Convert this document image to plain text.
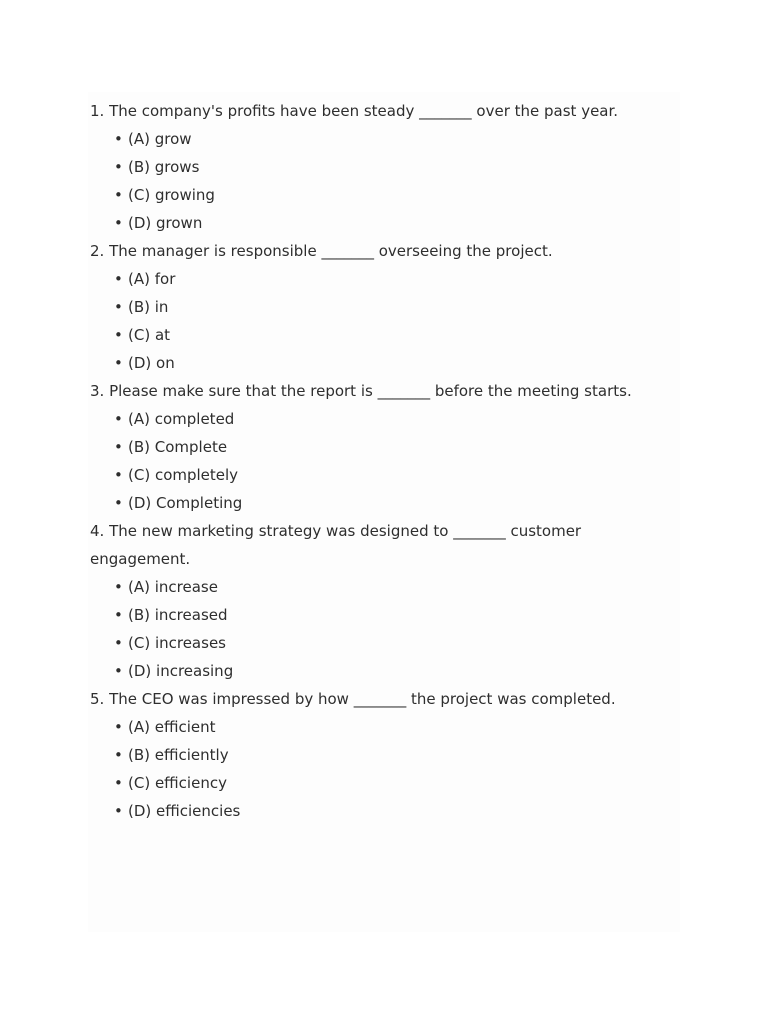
1. The company's profits have been steady _______ over the past year.

• (A) grow
• (B) grows
• (C) growing
• (D) grown

2. The manager is responsible _______ overseeing the project.

• (A) for
• (B) in
• (C) at
• (D) on

3. Please make sure that the report is _______ before the meeting starts.

• (A) completed
• (B) Complete
• (C) completely
• (D) Completing

4. The new marketing strategy was designed to _______ customer engagement.

• (A) increase
• (B) increased
• (C) increases
• (D) increasing

5. The CEO was impressed by how _______ the project was completed.

• (A) efficient
• (B) efficiently
• (C) efficiency
• (D) efficiencies
